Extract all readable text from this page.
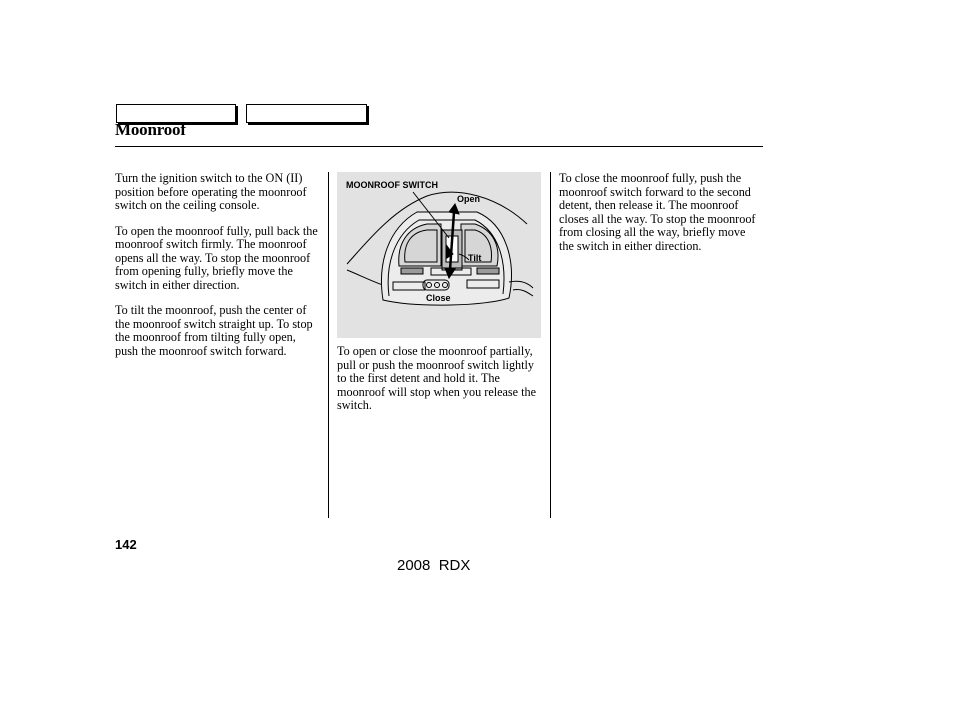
Moonroof

Turn the ignition switch to the ON (II) position before operating the moonroof switch on the ceiling console.

To open the moonroof fully, pull back the moonroof switch firmly. The moonroof opens all the way. To stop the moonroof from opening fully, briefly move the switch in either direction.

To tilt the moonroof, push the center of the moonroof switch straight up. To stop the moonroof from tilting fully open, push the moonroof switch forward.

MOONROOF SWITCH
Open
Tilt
Close

To open or close the moonroof partially, pull or push the moonroof switch lightly to the first detent and hold it. The moonroof will stop when you release the switch.

To close the moonroof fully, push the moonroof switch forward to the second detent, then release it. The moonroof closes all the way. To stop the moonroof from closing all the way, briefly move the switch in either direction.

142
2008  RDX
